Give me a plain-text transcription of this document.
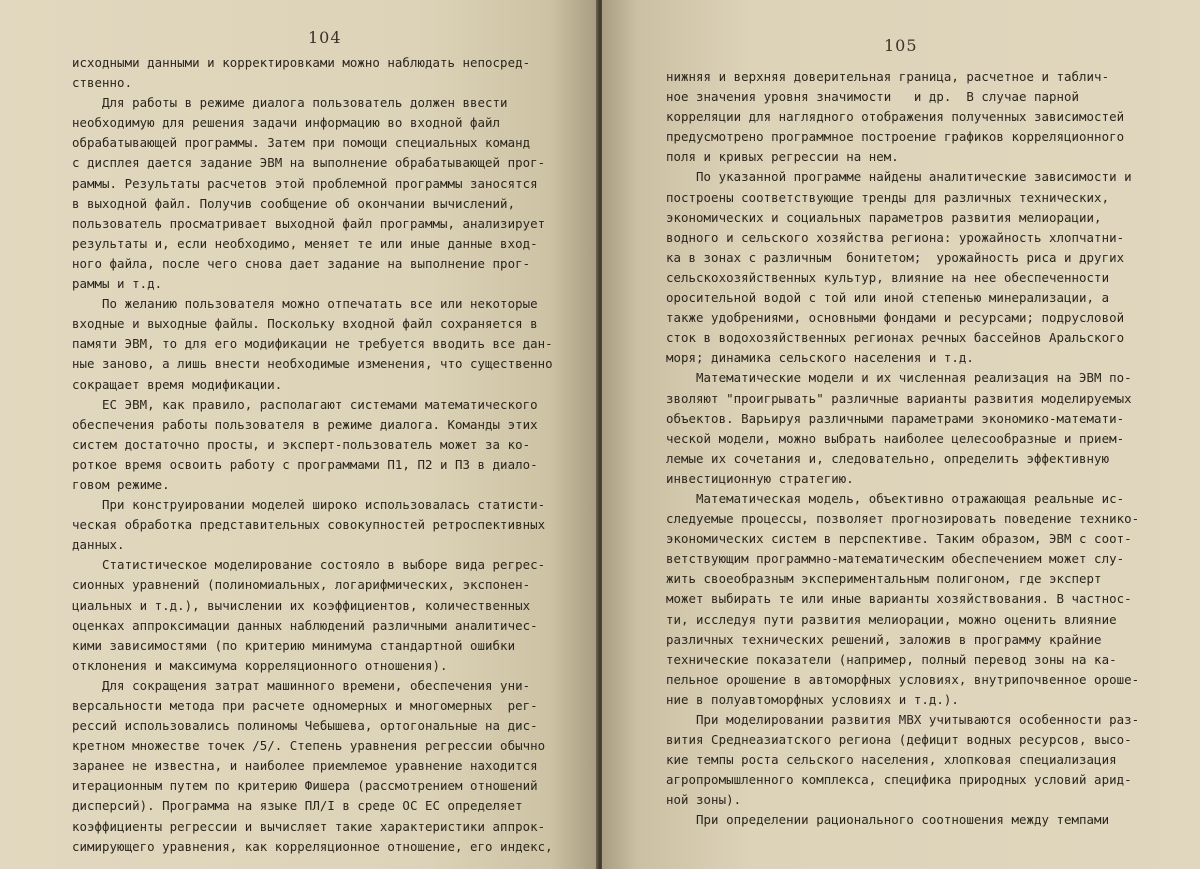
104
исходными данными и корректировками можно наблюдать непосред-
ственно.
Для работы в режиме диалога пользователь должен ввести
необходимую для решения задачи информацию во входной файл
обрабатывающей программы. Затем при помощи специальных команд
с дисплея дается задание ЭВМ на выполнение обрабатывающей прог-
раммы. Результаты расчетов этой проблемной программы заносятся
в выходной файл. Получив сообщение об окончании вычислений,
пользователь просматривает выходной файл программы, анализирует
результаты и, если необходимо, меняет те или иные данные вход-
ного файла, после чего снова дает задание на выполнение прог-
раммы и т.д.
По желанию пользователя можно отпечатать все или некоторые
входные и выходные файлы. Поскольку входной файл сохраняется в
памяти ЭВМ, то для его модификации не требуется вводить все дан-
ные заново, а лишь внести необходимые изменения, что существенно
сокращает время модификации.
ЕС ЭВМ, как правило, располагают системами математического
обеспечения работы пользователя в режиме диалога. Команды этих
систем достаточно просты, и эксперт-пользователь может за ко-
роткое время освоить работу с программами П1, П2 и П3 в диало-
говом режиме.
При конструировании моделей широко использовалась статисти-
ческая обработка представительных совокупностей ретроспективных
данных.
Статистическое моделирование состояло в выборе вида регрес-
сионных уравнений (полиномиальных, логарифмических, экспонен-
циальных и т.д.), вычислении их коэффициентов, количественных
оценках аппроксимации данных наблюдений различными аналитичес-
кими зависимостями (по критерию минимума стандартной ошибки
отклонения и максимума корреляционного отношения).
Для сокращения затрат машинного времени, обеспечения уни-
версальности метода при расчете одномерных и многомерных  рег-
рессий использовались полиномы Чебышева, ортогональные на дис-
кретном множестве точек /5/. Степень уравнения регрессии обычно
заранее не известна, и наиболее приемлемое уравнение находится
итерационным путем по критерию Фишера (рассмотрением отношений
дисперсий). Программа на языке ПЛ/I в среде ОС ЕС определяет
коэффициенты регрессии и вычисляет такие характеристики аппрок-
симирующего уравнения, как корреляционное отношение, его индекс,
105
нижняя и верхняя доверительная граница, расчетное и таблич-
ное значения уровня значимости   и др.  В случае парной
корреляции для наглядного отображения полученных зависимостей
предусмотрено программное построение графиков корреляционного
поля и кривых регрессии на нем.
По указанной программе найдены аналитические зависимости и
построены соответствующие тренды для различных технических,
экономических и социальных параметров развития мелиорации,
водного и сельского хозяйства региона: урожайность хлопчатни-
ка в зонах с различным  бонитетом;  урожайность риса и других
сельскохозяйственных культур, влияние на нее обеспеченности
оросительной водой с той или иной степенью минерализации, а
также удобрениями, основными фондами и ресурсами; подрусловой
сток в водохозяйственных регионах речных бассейнов Аральского
моря; динамика сельского населения и т.д.
Математические модели и их численная реализация на ЭВМ по-
зволяют "проигрывать" различные варианты развития моделируемых
объектов. Варьируя различными параметрами экономико-математи-
ческой модели, можно выбрать наиболее целесообразные и прием-
лемые их сочетания и, следовательно, определить эффективную
инвестиционную стратегию.
Математическая модель, объективно отражающая реальные ис-
следуемые процессы, позволяет прогнозировать поведение технико-
экономических систем в перспективе. Таким образом, ЭВМ с соот-
ветствующим программно-математическим обеспечением может слу-
жить своеобразным экспериментальным полигоном, где эксперт
может выбирать те или иные варианты хозяйствования. В частнос-
ти, исследуя пути развития мелиорации, можно оценить влияние
различных технических решений, заложив в программу крайние
технические показатели (например, полный перевод зоны на ка-
пельное орошение в автоморфных условиях, внутрипочвенное ороше-
ние в полуавтоморфных условиях и т.д.).
При моделировании развития МВХ учитываются особенности раз-
вития Среднеазиатского региона (дефицит водных ресурсов, высо-
кие темпы роста сельского населения, хлопковая специализация
агропромышленного комплекса, специфика природных условий арид-
ной зоны).
При определении рационального соотношения между темпами
